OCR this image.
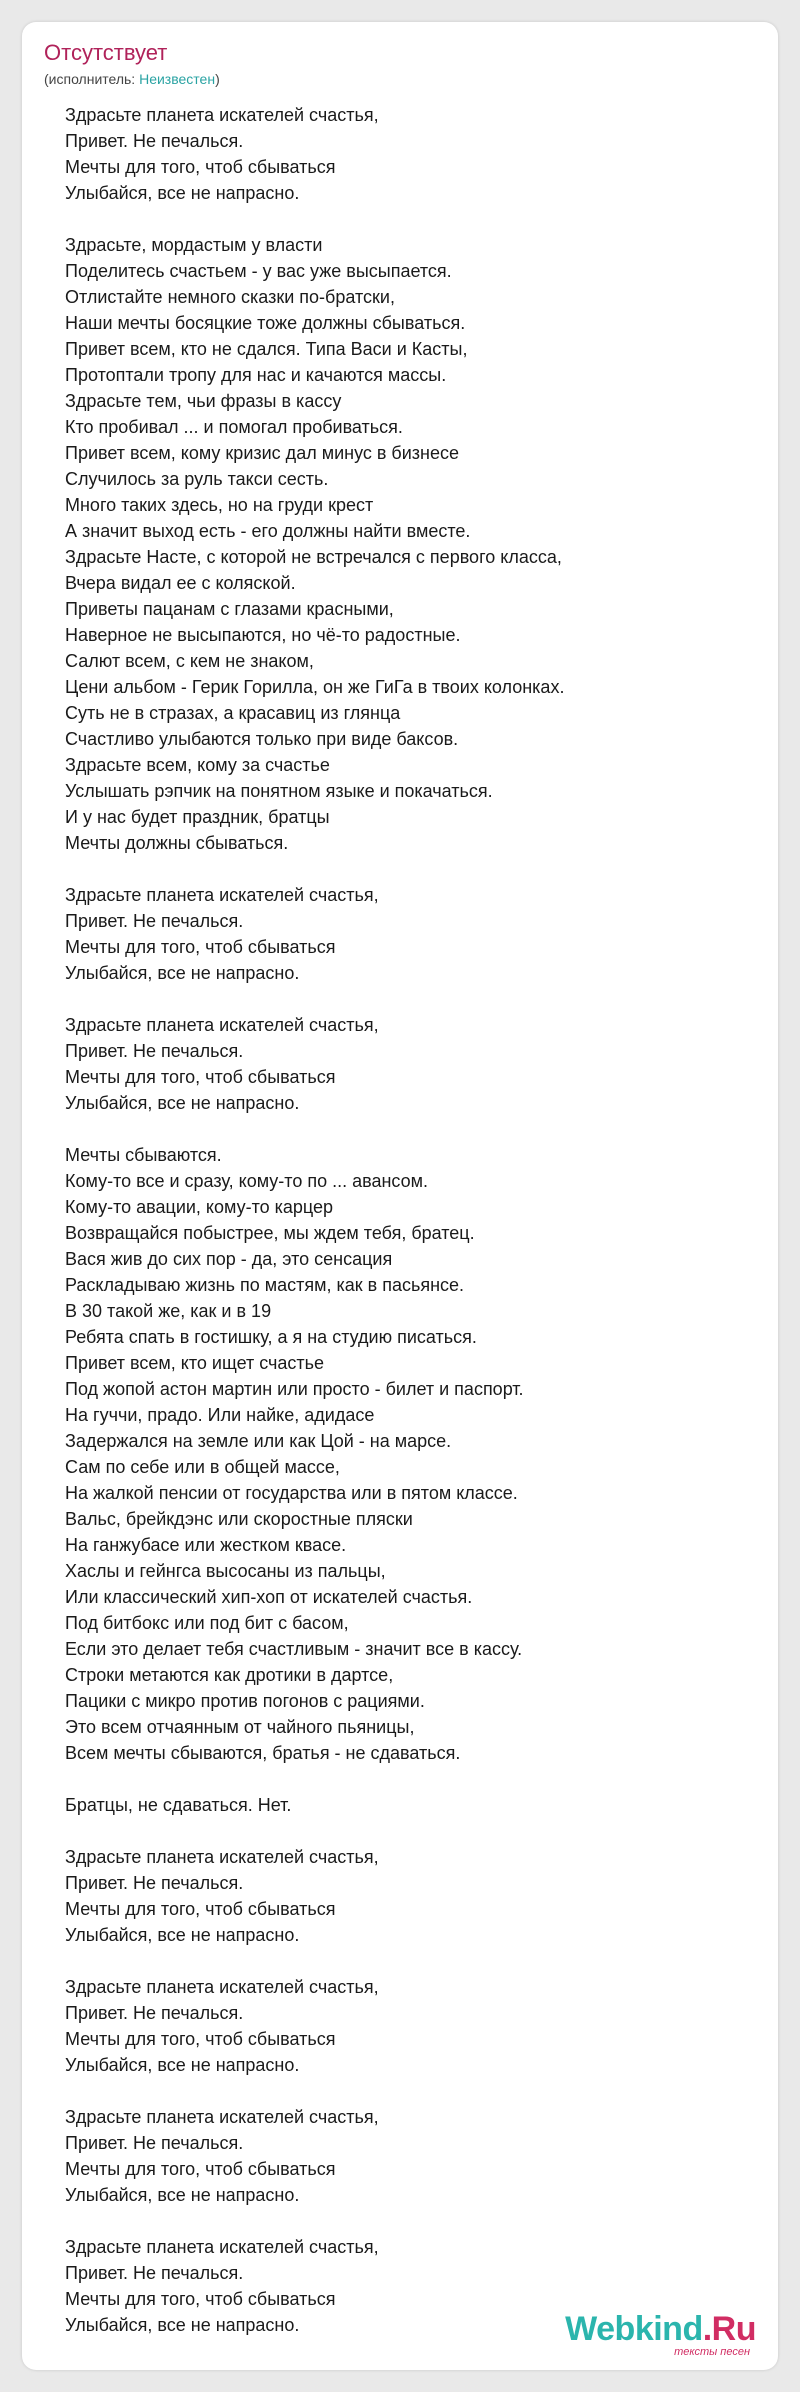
Отсутствует
(исполнитель: Неизвестен)
Здрасьте планета искателей счастья,
Привет. Не печалься.
Мечты для того, чтоб сбываться
Улыбайся, все не напрасно.
Здрасьте, мордастым у власти
Поделитесь счастьем - у вас уже высыпается.
Отлистайте немного сказки по-братски,
Наши мечты босяцкие тоже должны сбываться.
Привет всем, кто не сдался. Типа Васи и Касты,
Протоптали тропу для нас и качаются массы.
Здрасьте тем, чьи фразы в кассу
Кто пробивал ... и помогал пробиваться.
Привет всем, кому кризис дал минус в бизнесе
Случилось за руль такси сесть.
Много таких здесь, но на груди крест
А значит выход есть - его должны найти вместе.
Здрасьте Насте, с которой не встречался с первого класса,
Вчера видал ее с коляской.
Приветы пацанам с глазами красными,
Наверное не высыпаются, но чё-то радостные.
Салют всем, с кем не знаком,
Цени альбом - Герик Горилла, он же ГиГа в твоих колонках.
Суть не в стразах, а красавиц из глянца
Счастливо улыбаются только при виде баксов.
Здрасьте всем, кому за счастье
Услышать рэпчик на понятном языке и покачаться.
И у нас будет праздник, братцы
Мечты должны сбываться.
Здрасьте планета искателей счастья,
Привет. Не печалься.
Мечты для того, чтоб сбываться
Улыбайся, все не напрасно.
Здрасьте планета искателей счастья,
Привет. Не печалься.
Мечты для того, чтоб сбываться
Улыбайся, все не напрасно.
Мечты сбываются.
Кому-то все и сразу, кому-то по ... авансом.
Кому-то авации, кому-то карцер
Возвращайся побыстрее, мы ждем тебя, братец.
Вася жив до сих пор - да, это сенсация
Раскладываю жизнь по мастям, как в пасьянсе.
В 30 такой же, как и в 19
Ребята спать в гостишку, а я на студию писаться.
Привет всем, кто ищет счастье
Под жопой астон мартин или просто - билет и паспорт.
На гуччи, прадо. Или найке, адидасе
Задержался на земле или как Цой - на марсе.
Сам по себе или в общей массе,
На жалкой пенсии от государства или в пятом классе.
Вальс, брейкдэнс или скоростные пляски
На ганжубасе или жестком квасе.
Хаслы и гейнгса высосаны из пальцы,
Или классический хип-хоп от искателей счастья.
Под битбокс или под бит с басом,
Если это делает тебя счастливым - значит все в кассу.
Строки метаются как дротики в дартсе,
Пацики с микро против погонов с рациями.
Это всем отчаянным от чайного пьяницы,
Всем мечты сбываются, братья - не сдаваться.
Братцы, не сдаваться. Нет.
Здрасьте планета искателей счастья,
Привет. Не печалься.
Мечты для того, чтоб сбываться
Улыбайся, все не напрасно.
Здрасьте планета искателей счастья,
Привет. Не печалься.
Мечты для того, чтоб сбываться
Улыбайся, все не напрасно.
Здрасьте планета искателей счастья,
Привет. Не печалься.
Мечты для того, чтоб сбываться
Улыбайся, все не напрасно.
Здрасьте планета искателей счастья,
Привет. Не печалься.
Мечты для того, чтоб сбываться
Улыбайся, все не напрасно.	Webkind.Ru
тексты песен
